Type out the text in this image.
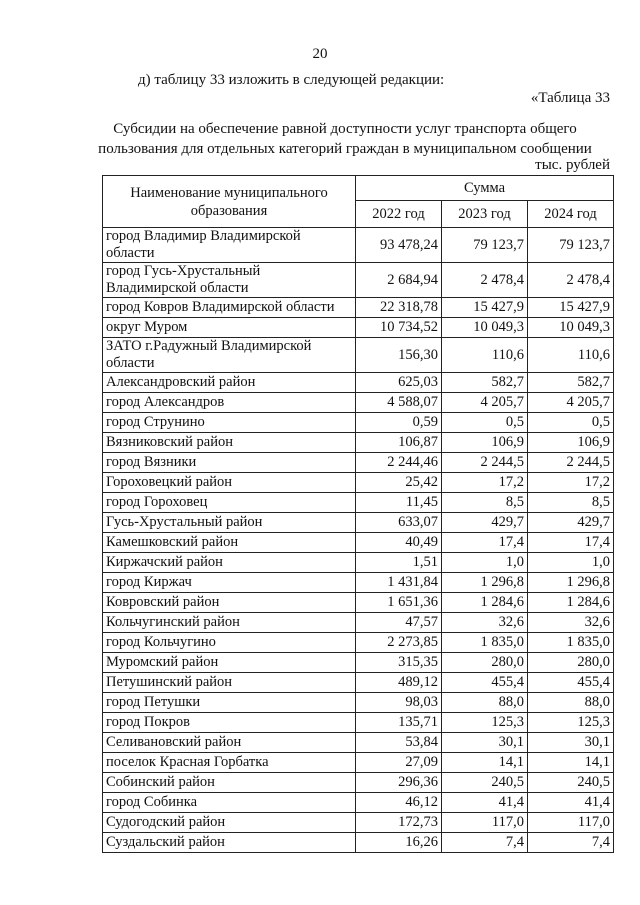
20
д) таблицу 33 изложить в следующей редакции:
«Таблица 33
Субсидии на обеспечение равной доступности услуг транспорта общего
пользования для отдельных категорий граждан в муниципальном сообщении
тыс. рублей
Наименование муниципального
образования	Сумма		
	2022 год	2023 год	2024 год
город Владимир Владимирской области	93 478,24	79 123,7	79 123,7
город Гусь-Хрустальный Владимирской области	2 684,94	2 478,4	2 478,4
город Ковров Владимирской области	22 318,78	15 427,9	15 427,9
округ Муром	10 734,52	10 049,3	10 049,3
ЗАТО г.Радужный Владимирской области	156,30	110,6	110,6
Александровский район	625,03	582,7	582,7
город Александров	4 588,07	4 205,7	4 205,7
город Струнино	0,59	0,5	0,5
Вязниковский район	106,87	106,9	106,9
город Вязники	2 244,46	2 244,5	2 244,5
Гороховецкий район	25,42	17,2	17,2
город Гороховец	11,45	8,5	8,5
Гусь-Хрустальный район	633,07	429,7	429,7
Камешковский район	40,49	17,4	17,4
Киржачский район	1,51	1,0	1,0
город Киржач	1 431,84	1 296,8	1 296,8
Ковровский район	1 651,36	1 284,6	1 284,6
Кольчугинский район	47,57	32,6	32,6
город Кольчугино	2 273,85	1 835,0	1 835,0
Муромский район	315,35	280,0	280,0
Петушинский район	489,12	455,4	455,4
город Петушки	98,03	88,0	88,0
город Покров	135,71	125,3	125,3
Селивановский район	53,84	30,1	30,1
поселок Красная Горбатка	27,09	14,1	14,1
Собинский район	296,36	240,5	240,5
город Собинка	46,12	41,4	41,4
Судогодский район	172,73	117,0	117,0
Суздальский район	16,26	7,4	7,4
